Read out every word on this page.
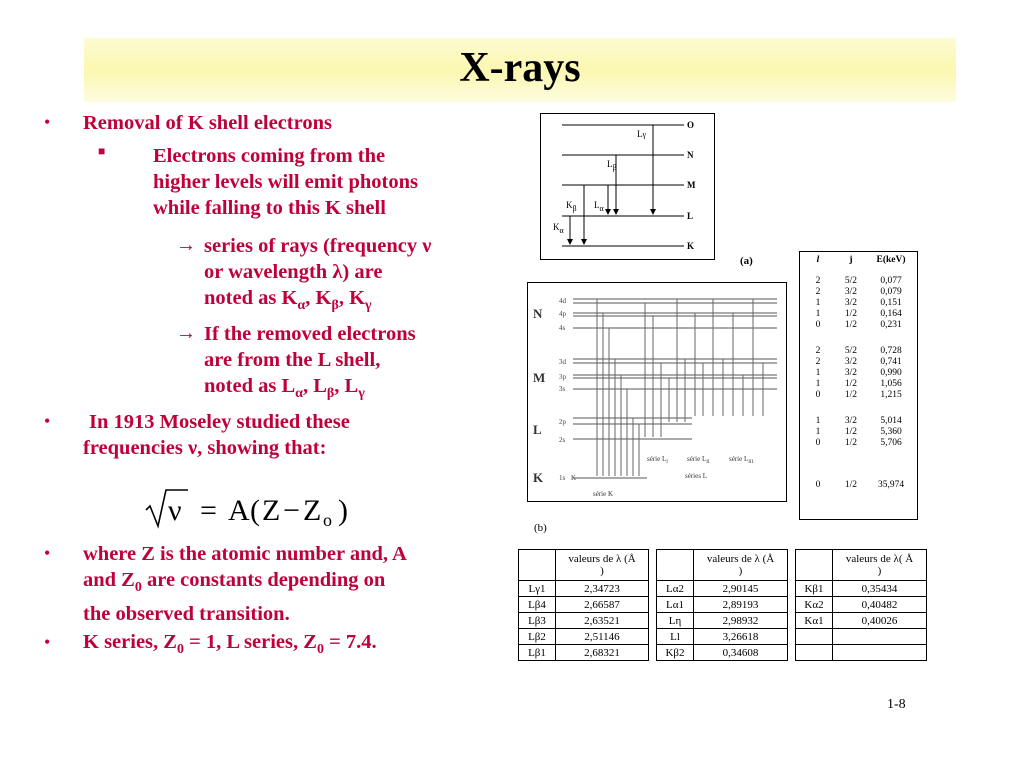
X-rays
• Removal of K shell electrons
■ Electrons coming from the
higher levels will emit photons
while falling to this K shell
→ series of rays (frequency ν
or wavelength λ) are
noted as $K_\alpha$, $K_\beta$, $K_\gamma$
→ If the removed electrons
are from the L shell,
noted as $L_\alpha$, $L_\beta$, $L_\gamma$
• In 1913 Moseley studied these
frequencies ν, showing that:
ν = A ( Z − Z o )
• where Z is the atomic number and, A
and $Z_0$ are constants depending on
the observed transition.
• K series, $Z_0 = 1$, L series, $Z_0 = 7.4$.
O
N
M
L
K
Lγ
Lβ
Kβ Lα
Kα
(a)
N
M
L
K
4d
4p
4s
3d
3p
3s
2p
2s
1s K
série $L_I$	série $L_{II}$	série $L_{III}$
séries L
série K
(b)
l	j	E(keV)
2	5/2	0,077
2	3/2	0,079
1	3/2	0,151
1	1/2	0,164
0	1/2	0,231
2	5/2	0,728
2	3/2	0,741
1	3/2	0,990
1	1/2	1,056
0	1/2	1,215
1	3/2	5,014
1	1/2	5,360
0	1/2	5,706
0	1/2	35,974
	valeurs de λ (Å
)
Lγ1	2,34723
Lβ4	2,66587
Lβ3	2,63521
Lβ2	2,51146
Lβ1	2,68321
	valeurs de λ (Å
)
Lα2	2,90145
Lα1	2,89193
Lη	2,98932
Ll	3,26618
Kβ2	0,34608
	valeurs de λ( Å
)
Kβ1	0,35434
Kα2	0,40482
Kα1	0,40026

1-8
